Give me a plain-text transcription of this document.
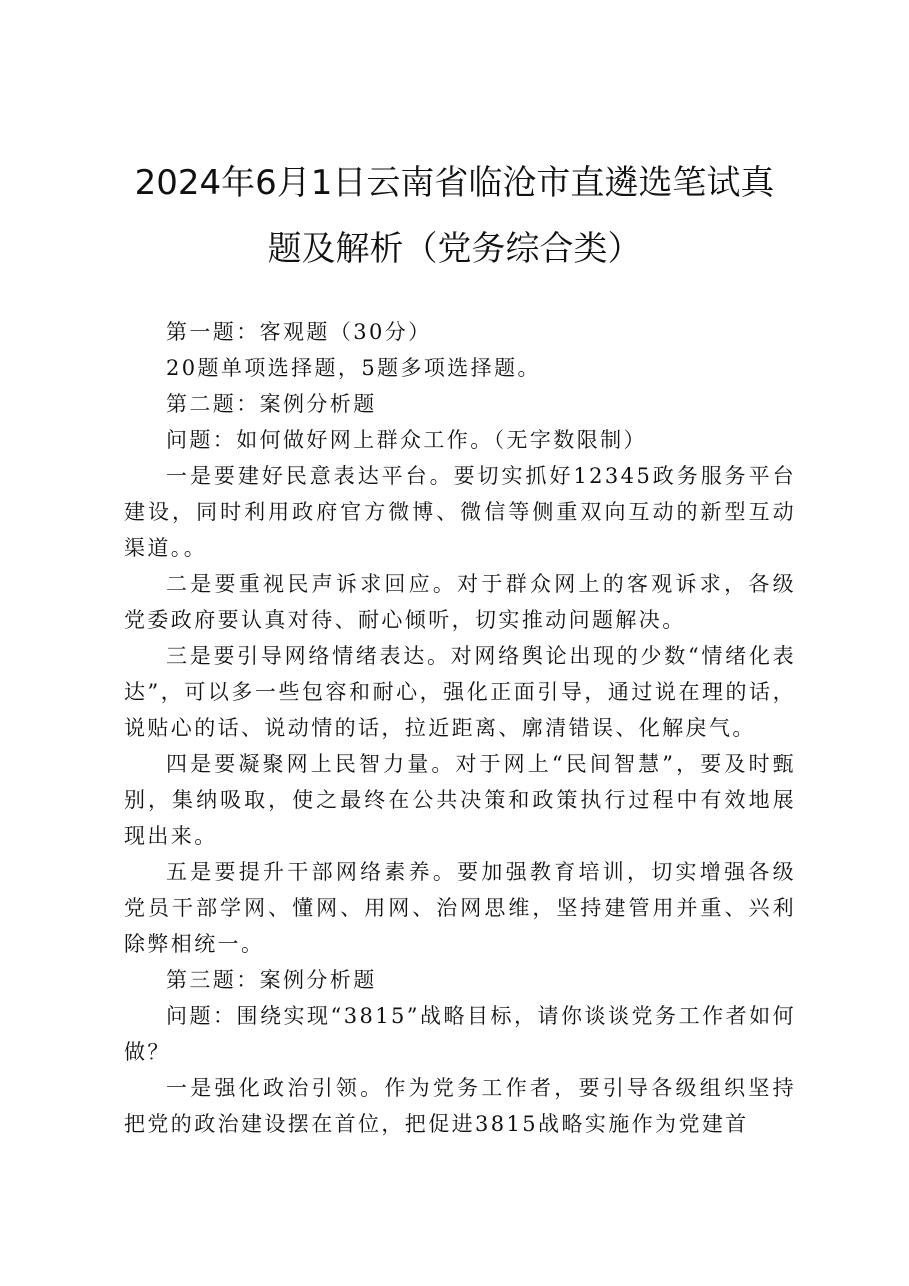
2024年6月1日云南省临沧市直遴选笔试真
题及解析（党务综合类）

第一题：客观题（30分）

20题单项选择题，5题多项选择题。

第二题：案例分析题

问题：如何做好网上群众工作。（无字数限制）

一是要建好民意表达平台。要切实抓好12345政务服务平台建设，同时利用政府官方微博、微信等侧重双向互动的新型互动渠道。。

二是要重视民声诉求回应。对于群众网上的客观诉求，各级党委政府要认真对待、耐心倾听，切实推动问题解决。

三是要引导网络情绪表达。对网络舆论出现的少数“情绪化表达”，可以多一些包容和耐心，强化正面引导，通过说在理的话，说贴心的话、说动情的话，拉近距离、廓清错误、化解戾气。

四是要凝聚网上民智力量。对于网上“民间智慧”，要及时甄别，集纳吸取，使之最终在公共决策和政策执行过程中有效地展现出来。

五是要提升干部网络素养。要加强教育培训，切实增强各级党员干部学网、懂网、用网、治网思维，坚持建管用并重、兴利除弊相统一。

第三题：案例分析题

问题：围绕实现“3815”战略目标，请你谈谈党务工作者如何做？

一是强化政治引领。作为党务工作者，要引导各级组织坚持把党的政治建设摆在首位，把促进3815战略实施作为党建首
